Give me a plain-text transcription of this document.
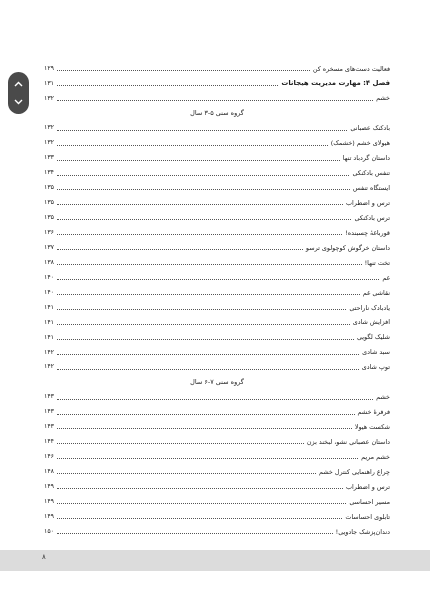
فعالیت دست‌های مسخره کن
۱۲۹
فصل ۴: مهارت مدیریت هیجانات
۱۳۱
خشم
۱۳۲
گروه سنی ۵-۳ سال
بادکنک عصبانی
۱۳۲
هیولای خشم (خشمک)
۱۳۲
داستان گردباد تنها
۱۳۳
تنفس بادکنکی
۱۳۴
ایستگاه تنفس
۱۳۵
ترس و اضطراب
۱۳۵
ترس بادکنکی
۱۳۵
قورباغهٔ چسبنده!
۱۳۶
داستان خرگوش کوچولوی ترسو
۱۳۷
تخت تنها!
۱۳۸
غم
۱۴۰
نقاشی غم
۱۴۰
یادبادک ناراحتی
۱۴۱
افزایش شادی
۱۴۱
شلیک لگویی
۱۴۱
سبد شادی
۱۴۲
توپ شادی
۱۴۲
گروه سنی ۷-۶ سال
خشم
۱۴۳
فرفرهٔ خشم
۱۴۳
شکست هیولا
۱۴۳
داستان عصبانی نشو، لبخند بزن
۱۴۴
خشم مریم
۱۴۶
چراغ راهنمایی کنترل خشم
۱۴۸
ترس و اضطراب
۱۴۹
مسیر احساسی
۱۴۹
تابلوی احساسات
۱۴۹
دندان‌پزشک جادویی!
۱۵۰
۸
